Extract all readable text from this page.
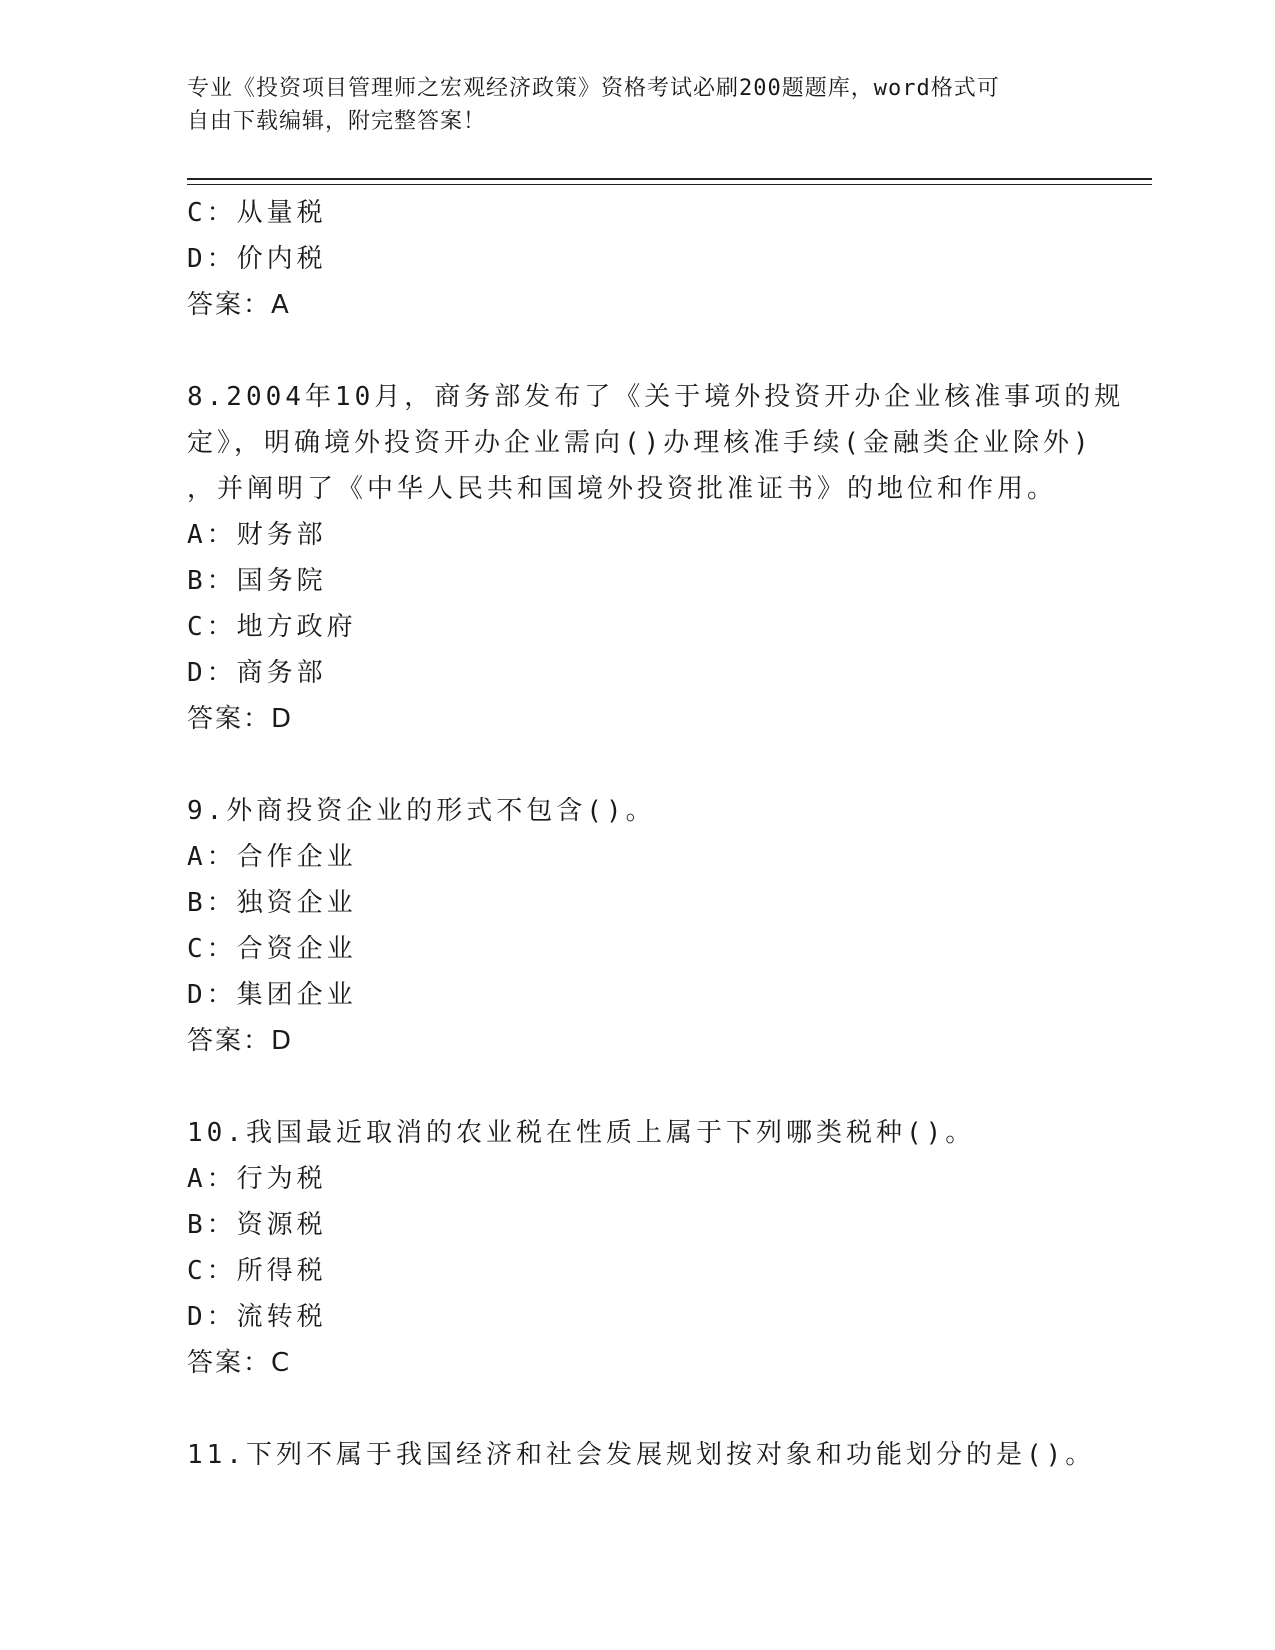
专业《投资项目管理师之宏观经济政策》资格考试必刷200题题库，word格式可
自由下载编辑，附完整答案！
C：从量税
D：价内税
答案：A
8.2004年10月，商务部发布了《关于境外投资开办企业核准事项的规
定》，明确境外投资开办企业需向()办理核准手续(金融类企业除外)
，并阐明了《中华人民共和国境外投资批准证书》的地位和作用。
A：财务部
B：国务院
C：地方政府
D：商务部
答案：D
9.外商投资企业的形式不包含()。
A：合作企业
B：独资企业
C：合资企业
D：集团企业
答案：D
10.我国最近取消的农业税在性质上属于下列哪类税种()。
A：行为税
B：资源税
C：所得税
D：流转税
答案：C
11.下列不属于我国经济和社会发展规划按对象和功能划分的是()。
